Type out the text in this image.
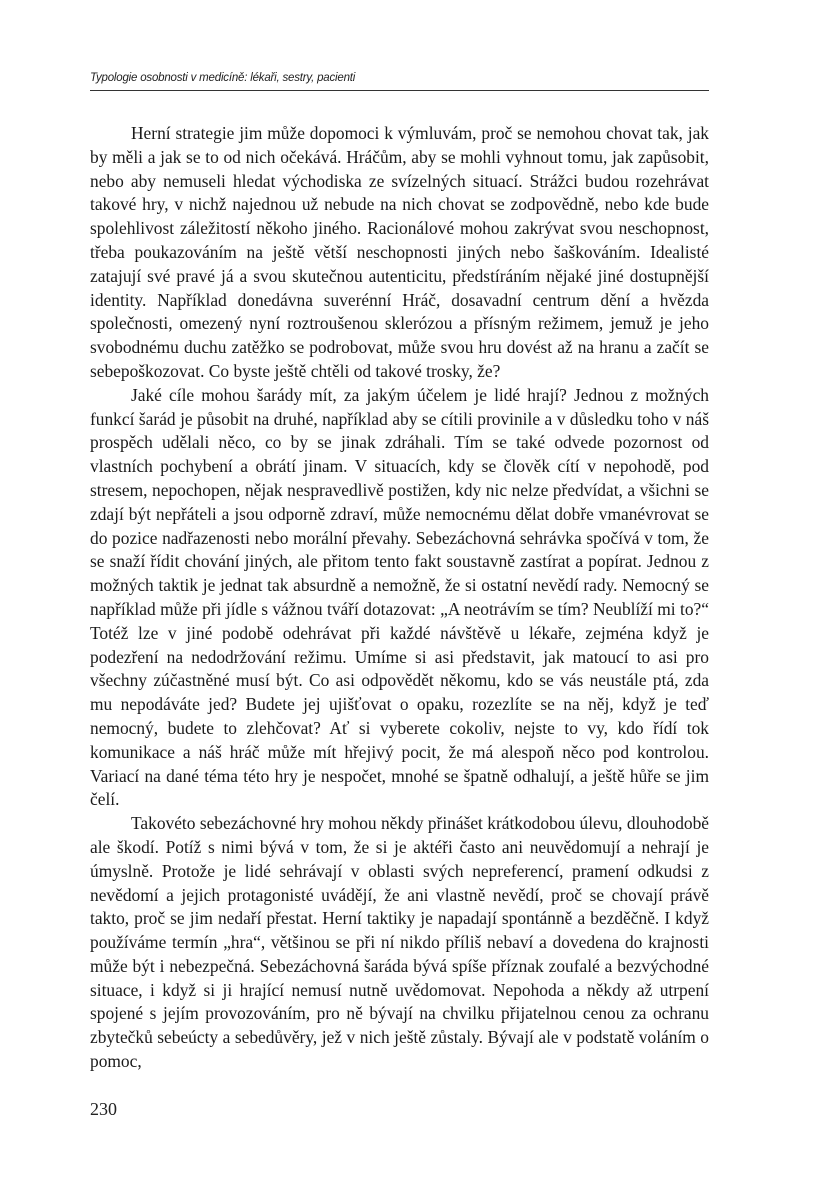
Typologie osobnosti v medicíně: lékaři, sestry, pacienti

Herní strategie jim může dopomoci k výmluvám, proč se nemohou chovat tak, jak by měli a jak se to od nich očekává. Hráčům, aby se mohli vyhnout tomu, jak zapůsobit, nebo aby nemuseli hledat východiska ze svízelných situací. Strážci budou rozehrávat takové hry, v nichž najednou už nebude na nich chovat se zodpovědně, nebo kde bude spolehlivost záležitostí někoho jiného. Racionálové mohou zakrývat svou neschopnost, třeba poukazováním na ještě větší neschopnosti jiných nebo šaškováním. Idealisté zatajují své pravé já a svou skutečnou autenticitu, předstíráním nějaké jiné dostupnější identity. Například donedávna suverénní Hráč, dosavadní centrum dění a hvězda společnosti, omezený nyní roztroušenou sklerózou a přísným režimem, jemuž je jeho svobodnému duchu zatěžko se podrobovat, může svou hru dovést až na hranu a začít se sebepoškozovat. Co byste ještě chtěli od takové trosky, že?

Jaké cíle mohou šarády mít, za jakým účelem je lidé hrají? Jednou z možných funkcí šarád je působit na druhé, například aby se cítili provinile a v důsledku toho v náš prospěch udělali něco, co by se jinak zdráhali. Tím se také odvede pozornost od vlastních pochybení a obrátí jinam. V situacích, kdy se člověk cítí v nepohodě, pod stresem, nepochopen, nějak nespravedlivě postižen, kdy nic nelze předvídat, a všichni se zdají být nepřáteli a jsou odporně zdraví, může nemocnému dělat dobře vmanévrovat se do pozice nadřazenosti nebo morální převahy. Sebezáchovná sehrávka spočívá v tom, že se snaží řídit chování jiných, ale přitom tento fakt soustavně zastírat a popírat. Jednou z možných taktik je jednat tak absurdně a nemožně, že si ostatní nevědí rady. Nemocný se například může při jídle s vážnou tváří dotazovat: „A neotrávím se tím? Neublíží mi to?“ Totéž lze v jiné podobě odehrávat při každé návštěvě u lékaře, zejména když je podezření na nedodržování režimu. Umíme si asi představit, jak matoucí to asi pro všechny zúčastněné musí být. Co asi odpovědět někomu, kdo se vás neustále ptá, zda mu nepodáváte jed? Budete jej ujišťovat o opaku, rozezlíte se na něj, když je teď nemocný, budete to zlehčovat? Ať si vyberete cokoliv, nejste to vy, kdo řídí tok komunikace a náš hráč může mít hřejivý pocit, že má alespoň něco pod kontrolou. Variací na dané téma této hry je nespočet, mnohé se špatně odhalují, a ještě hůře se jim čelí.

Takovéto sebezáchovné hry mohou někdy přinášet krátkodobou úlevu, dlouhodobě ale škodí. Potíž s nimi bývá v tom, že si je aktéři často ani neuvědomují a nehrají je úmyslně. Protože je lidé sehrávají v oblasti svých nepreferencí, pramení odkudsi z nevědomí a jejich protagonisté uvádějí, že ani vlastně nevědí, proč se chovají právě takto, proč se jim nedaří přestat. Herní taktiky je napadají spontánně a bezděčně. I když používáme termín „hra“, většinou se při ní nikdo příliš nebaví a dovedena do krajnosti může být i nebezpečná. Sebezáchovná šaráda bývá spíše příznak zoufalé a bezvýchodné situace, i když si ji hrající nemusí nutně uvědomovat. Nepohoda a někdy až utrpení spojené s jejím provozováním, pro ně bývají na chvilku přijatelnou cenou za ochranu zbytečků sebeúcty a sebedůvěry, jež v nich ještě zůstaly. Bývají ale v podstatě voláním o pomoc,

230
